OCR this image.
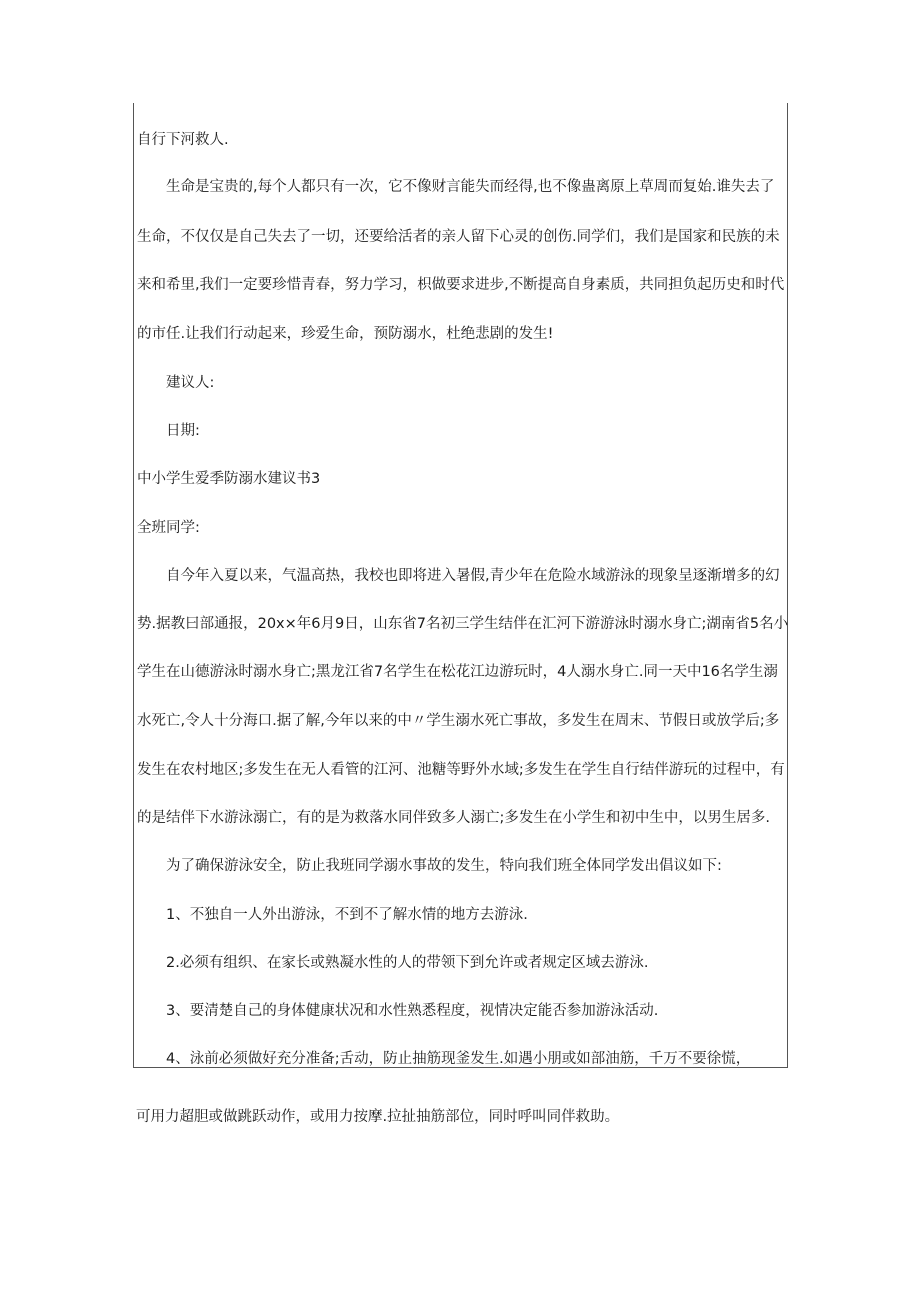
自行下河救人.
生命是宝贵的,每个人都只有一次，它不像财言能失而经得,也不像蛊离原上草周而复始.谁失去了
生命，不仅仅是自己失去了一切，还要给活者的亲人留下心灵的创伤.同学们，我们是国家和民族的未
来和希里,我们一定要珍惜青春，努力学习，枳做要求进步,不断提高自身素质，共同担负起历史和时代
的市任.让我们行动起来，珍爱生命，预防溺水，杜绝悲剧的发生!
建议人:
日期:
中小学生爱季防溺水建议书3
全班同学:
自今年入夏以来，气温高热，我校也即将进入暑假,青少年在危险水域游泳的现象呈逐渐增多的幻
势.据教曰部通报，20x×年6月9日，山东省7名初三学生结伴在汇河下游游泳时溺水身亡;湖南省5名小
学生在山德游泳时溺水身亡;黑龙江省7名学生在松花江边游玩时，4人溺水身亡.同一天中16名学生溺
水死亡,令人十分海口.据了解,今年以来的中〃学生溺水死亡事故，多发生在周末、节假日或放学后;多
发生在农村地区;多发生在无人看管的江河、池糖等野外水域;多发生在学生自行结伴游玩的过程中，有
的是结伴下水游泳溺亡，有的是为救落水同伴致多人溺亡;多发生在小学生和初中生中，以男生居多.
为了确保游泳安全，防止我班同学溺水事故的发生，特向我们班全体同学发出倡议如下:
1、不独自一人外出游泳，不到不了解水情的地方去游泳.
2.必须有组织、在家长或熟凝水性的人的带领下到允许或者规定区域去游泳.
3、要清楚自己的身体健康状况和水性熟悉程度，视情决定能否参加游泳活动.
4、泳前必须做好充分准备;舌动，防止抽筋现釜发生.如遇小朋或如部油筋，千万不要徐慌，
可用力超胆或做跳跃动作，或用力按摩.拉扯抽筋部位，同时呼叫同伴救助。
